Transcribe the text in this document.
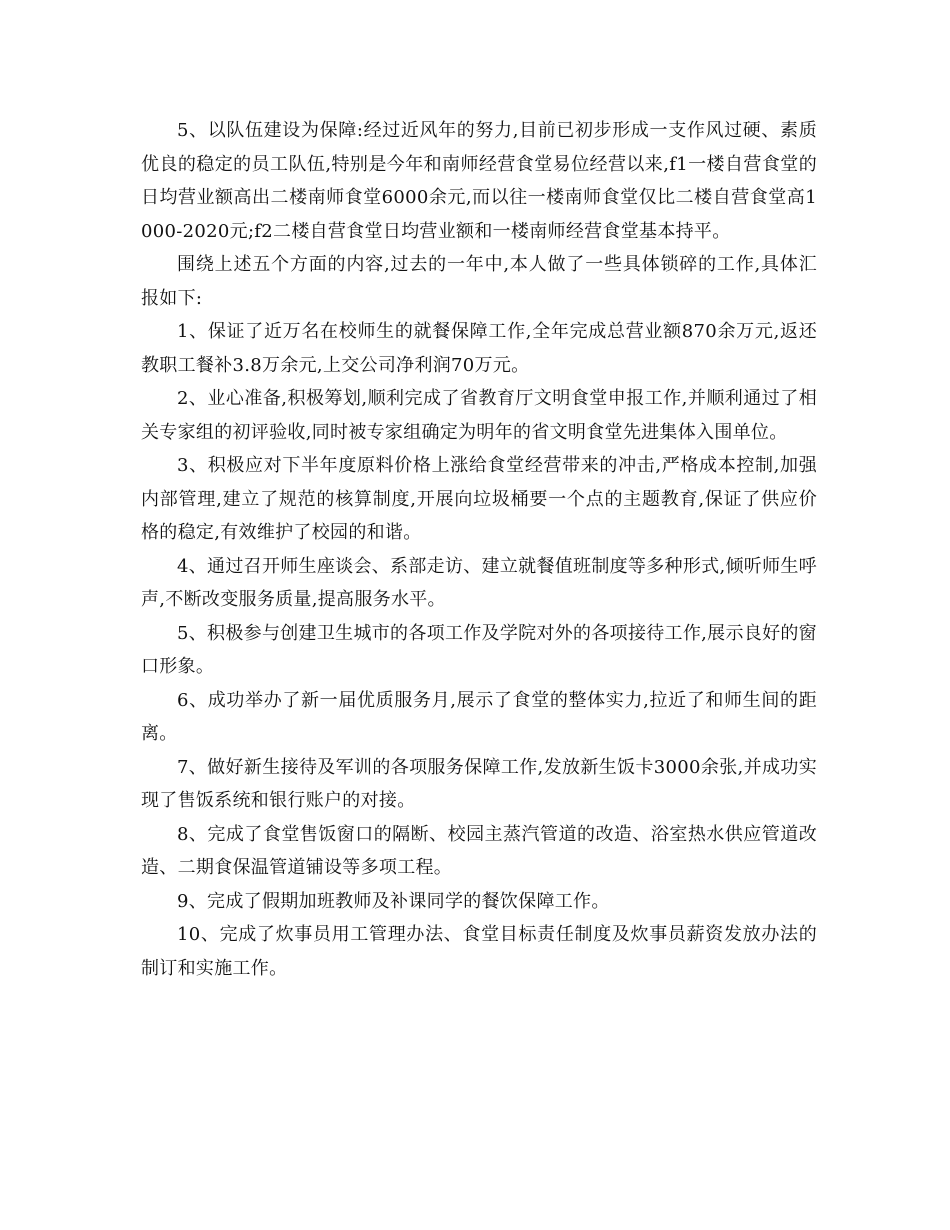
5、以队伍建设为保障:经过近风年的努力,目前已初步形成一支作风过硬、素质优良的稳定的员工队伍,特别是今年和南师经营食堂易位经营以来,f1一楼自营食堂的日均营业额高出二楼南师食堂6000余元,而以往一楼南师食堂仅比二楼自营食堂高1000-2020元;f2二楼自营食堂日均营业额和一楼南师经营食堂基本持平。

围绕上述五个方面的内容,过去的一年中,本人做了一些具体锁碎的工作,具体汇报如下:

1、保证了近万名在校师生的就餐保障工作,全年完成总营业额870余万元,返还教职工餐补3.8万余元,上交公司净利润70万元。

2、业心准备,积极筹划,顺利完成了省教育厅文明食堂申报工作,并顺利通过了相关专家组的初评验收,同时被专家组确定为明年的省文明食堂先进集体入围单位。

3、积极应对下半年度原料价格上涨给食堂经营带来的冲击,严格成本控制,加强内部管理,建立了规范的核算制度,开展向垃圾桶要一个点的主题教育,保证了供应价格的稳定,有效维护了校园的和谐。

4、通过召开师生座谈会、系部走访、建立就餐值班制度等多种形式,倾听师生呼声,不断改变服务质量,提高服务水平。

5、积极参与创建卫生城市的各项工作及学院对外的各项接待工作,展示良好的窗口形象。

6、成功举办了新一届优质服务月,展示了食堂的整体实力,拉近了和师生间的距离。

7、做好新生接待及军训的各项服务保障工作,发放新生饭卡3000余张,并成功实现了售饭系统和银行账户的对接。

8、完成了食堂售饭窗口的隔断、校园主蒸汽管道的改造、浴室热水供应管道改造、二期食保温管道铺设等多项工程。

9、完成了假期加班教师及补课同学的餐饮保障工作。

10、完成了炊事员用工管理办法、食堂目标责任制度及炊事员薪资发放办法的制订和实施工作。
